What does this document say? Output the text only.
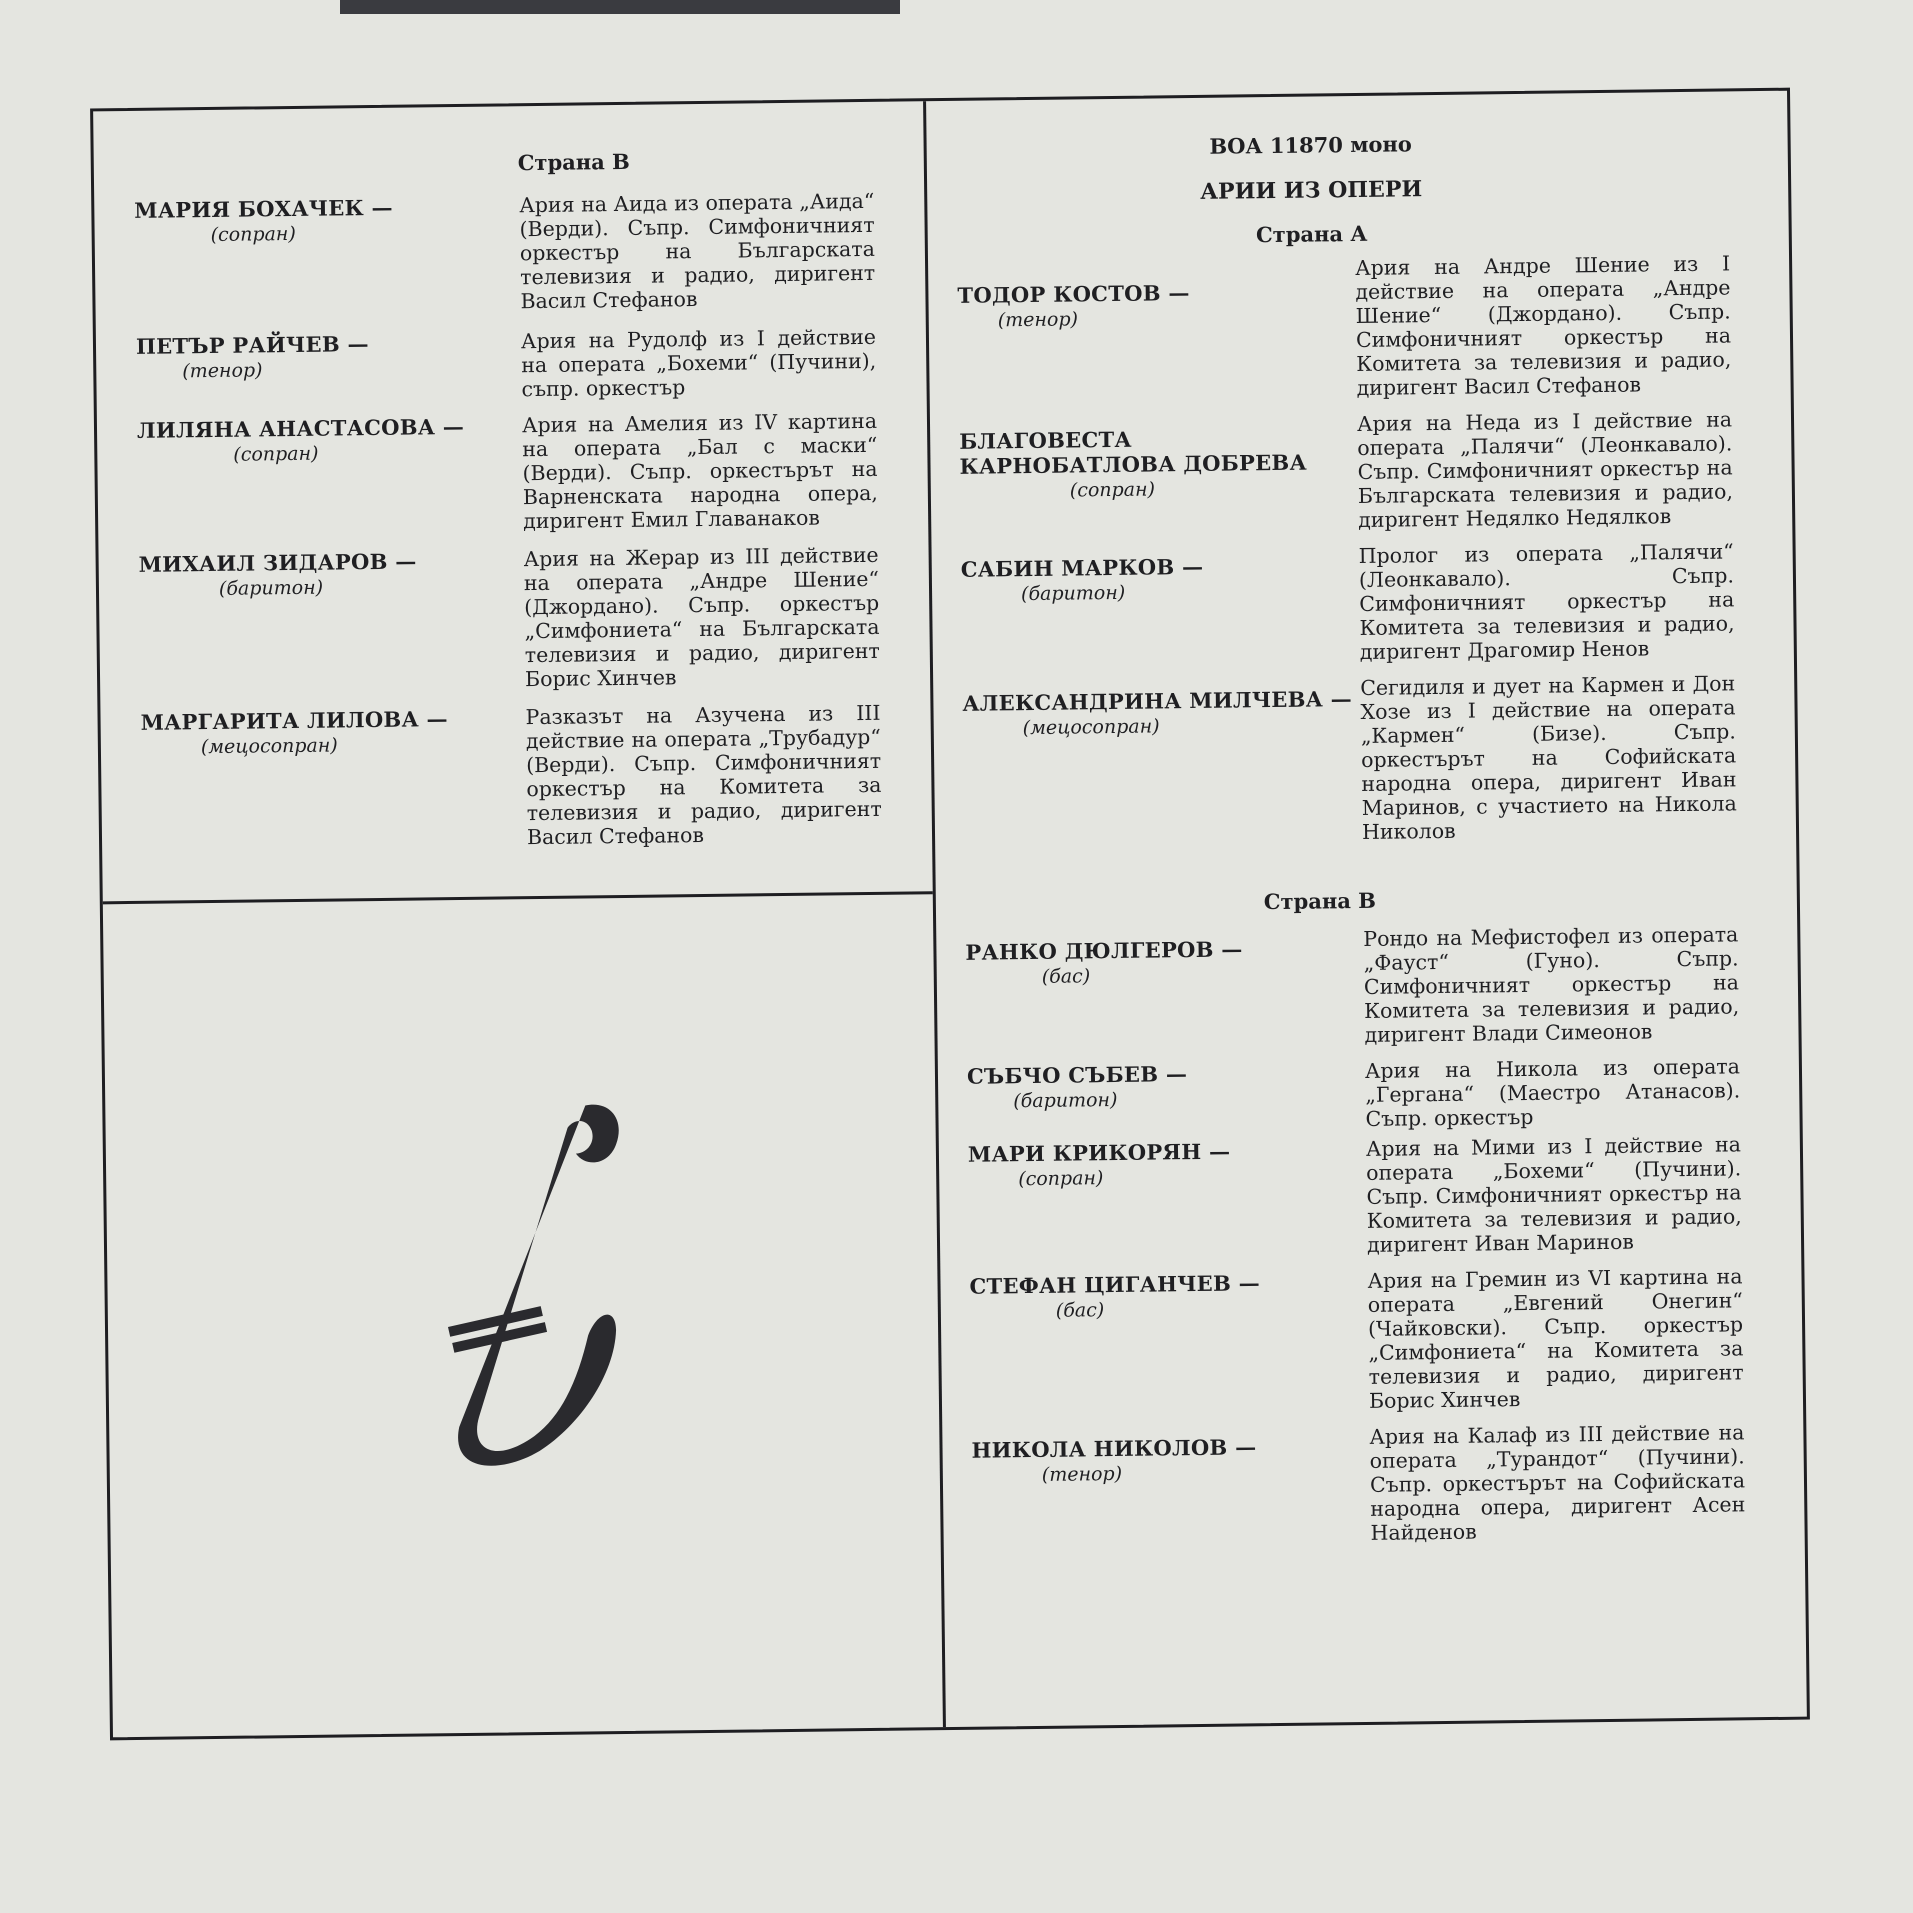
Страна В
МАРИЯ БОХАЧЕК —
(сопран)
Ария на Аида из операта „Аида“ (Верди). Съпр. Симфоничният оркестър на Българската телевизия и радио, диригент Васил Стефанов
ПЕТЪР РАЙЧЕВ —
(тенор)
Ария на Рудолф из I действие на операта „Бохеми“ (Пучини), съпр. оркестър
ЛИЛЯНА АНАСТАСОВА —
(сопран)
Ария на Амелия из IV картина на операта „Бал с маски“ (Верди). Съпр. оркестърът на Варненската народна опера, диригент Емил Главанаков
МИХАИЛ ЗИДАРОВ —
(баритон)
Ария на Жерар из III действие на операта „Андре Шение“ (Джордано). Съпр. оркестър „Симфониета“ на Българската телевизия и радио, диригент Борис Хинчев
МАРГАРИТА ЛИЛОВА —
(мецосопран)
Разказът на Азучена из III действие на операта „Трубадур“ (Верди). Съпр. Симфоничният оркестър на Комитета за телевизия и радио, диригент Васил Стефанов
ВОА 11870 моно
АРИИ ИЗ ОПЕРИ
Страна А
ТОДОР КОСТОВ —
(тенор)
Ария на Андре Шение из I действие на операта „Андре Шение“ (Джордано). Съпр. Симфоничният оркестър на Комитета за телевизия и радио, диригент Васил Стефанов
БЛАГОВЕСТА
КАРНОБАТЛОВА ДОБРЕВА
(сопран)
Ария на Неда из I действие на операта „Палячи“ (Леонкавало). Съпр. Симфоничният оркестър на Българската телевизия и радио, диригент Недялко Недялков
САБИН МАРКОВ —
(баритон)
Пролог из операта „Палячи“ (Леонкавало). Съпр. Симфоничният оркестър на Комитета за телевизия и радио, диригент Драгомир Ненов
АЛЕКСАНДРИНА МИЛЧЕВА —
(мецосопран)
Сегидиля и дует на Кармен и Дон Хозе из I действие на операта „Кармен“ (Бизе). Съпр. оркестърът на Софийската народна опера, диригент Иван Маринов, с участието на Никола Николов
Страна В
РАНКО ДЮЛГЕРОВ —
(бас)
Рондо на Мефистофел из операта „Фауст“ (Гуно). Съпр. Симфоничният оркестър на Комитета за телевизия и радио, диригент Влади Симеонов
СЪБЧО СЪБЕВ —
(баритон)
Ария на Никола из операта „Гергана“ (Маестро Атанасов). Съпр. оркестър
МАРИ КРИКОРЯН —
(сопран)
Ария на Мими из I действие на операта „Бохеми“ (Пучини). Съпр. Симфоничният оркестър на Комитета за телевизия и радио, диригент Иван Маринов
СТЕФАН ЦИГАНЧЕВ —
(бас)
Ария на Гремин из VI картина на операта „Евгений Онегин“ (Чайковски). Съпр. оркестър „Симфониета“ на Комитета за телевизия и радио, диригент Борис Хинчев
НИКОЛА НИКОЛОВ —
(тенор)
Ария на Калаф из III действие на операта „Турандот“ (Пучини). Съпр. оркестърът на Софийската народна опера, диригент Асен Найденов
